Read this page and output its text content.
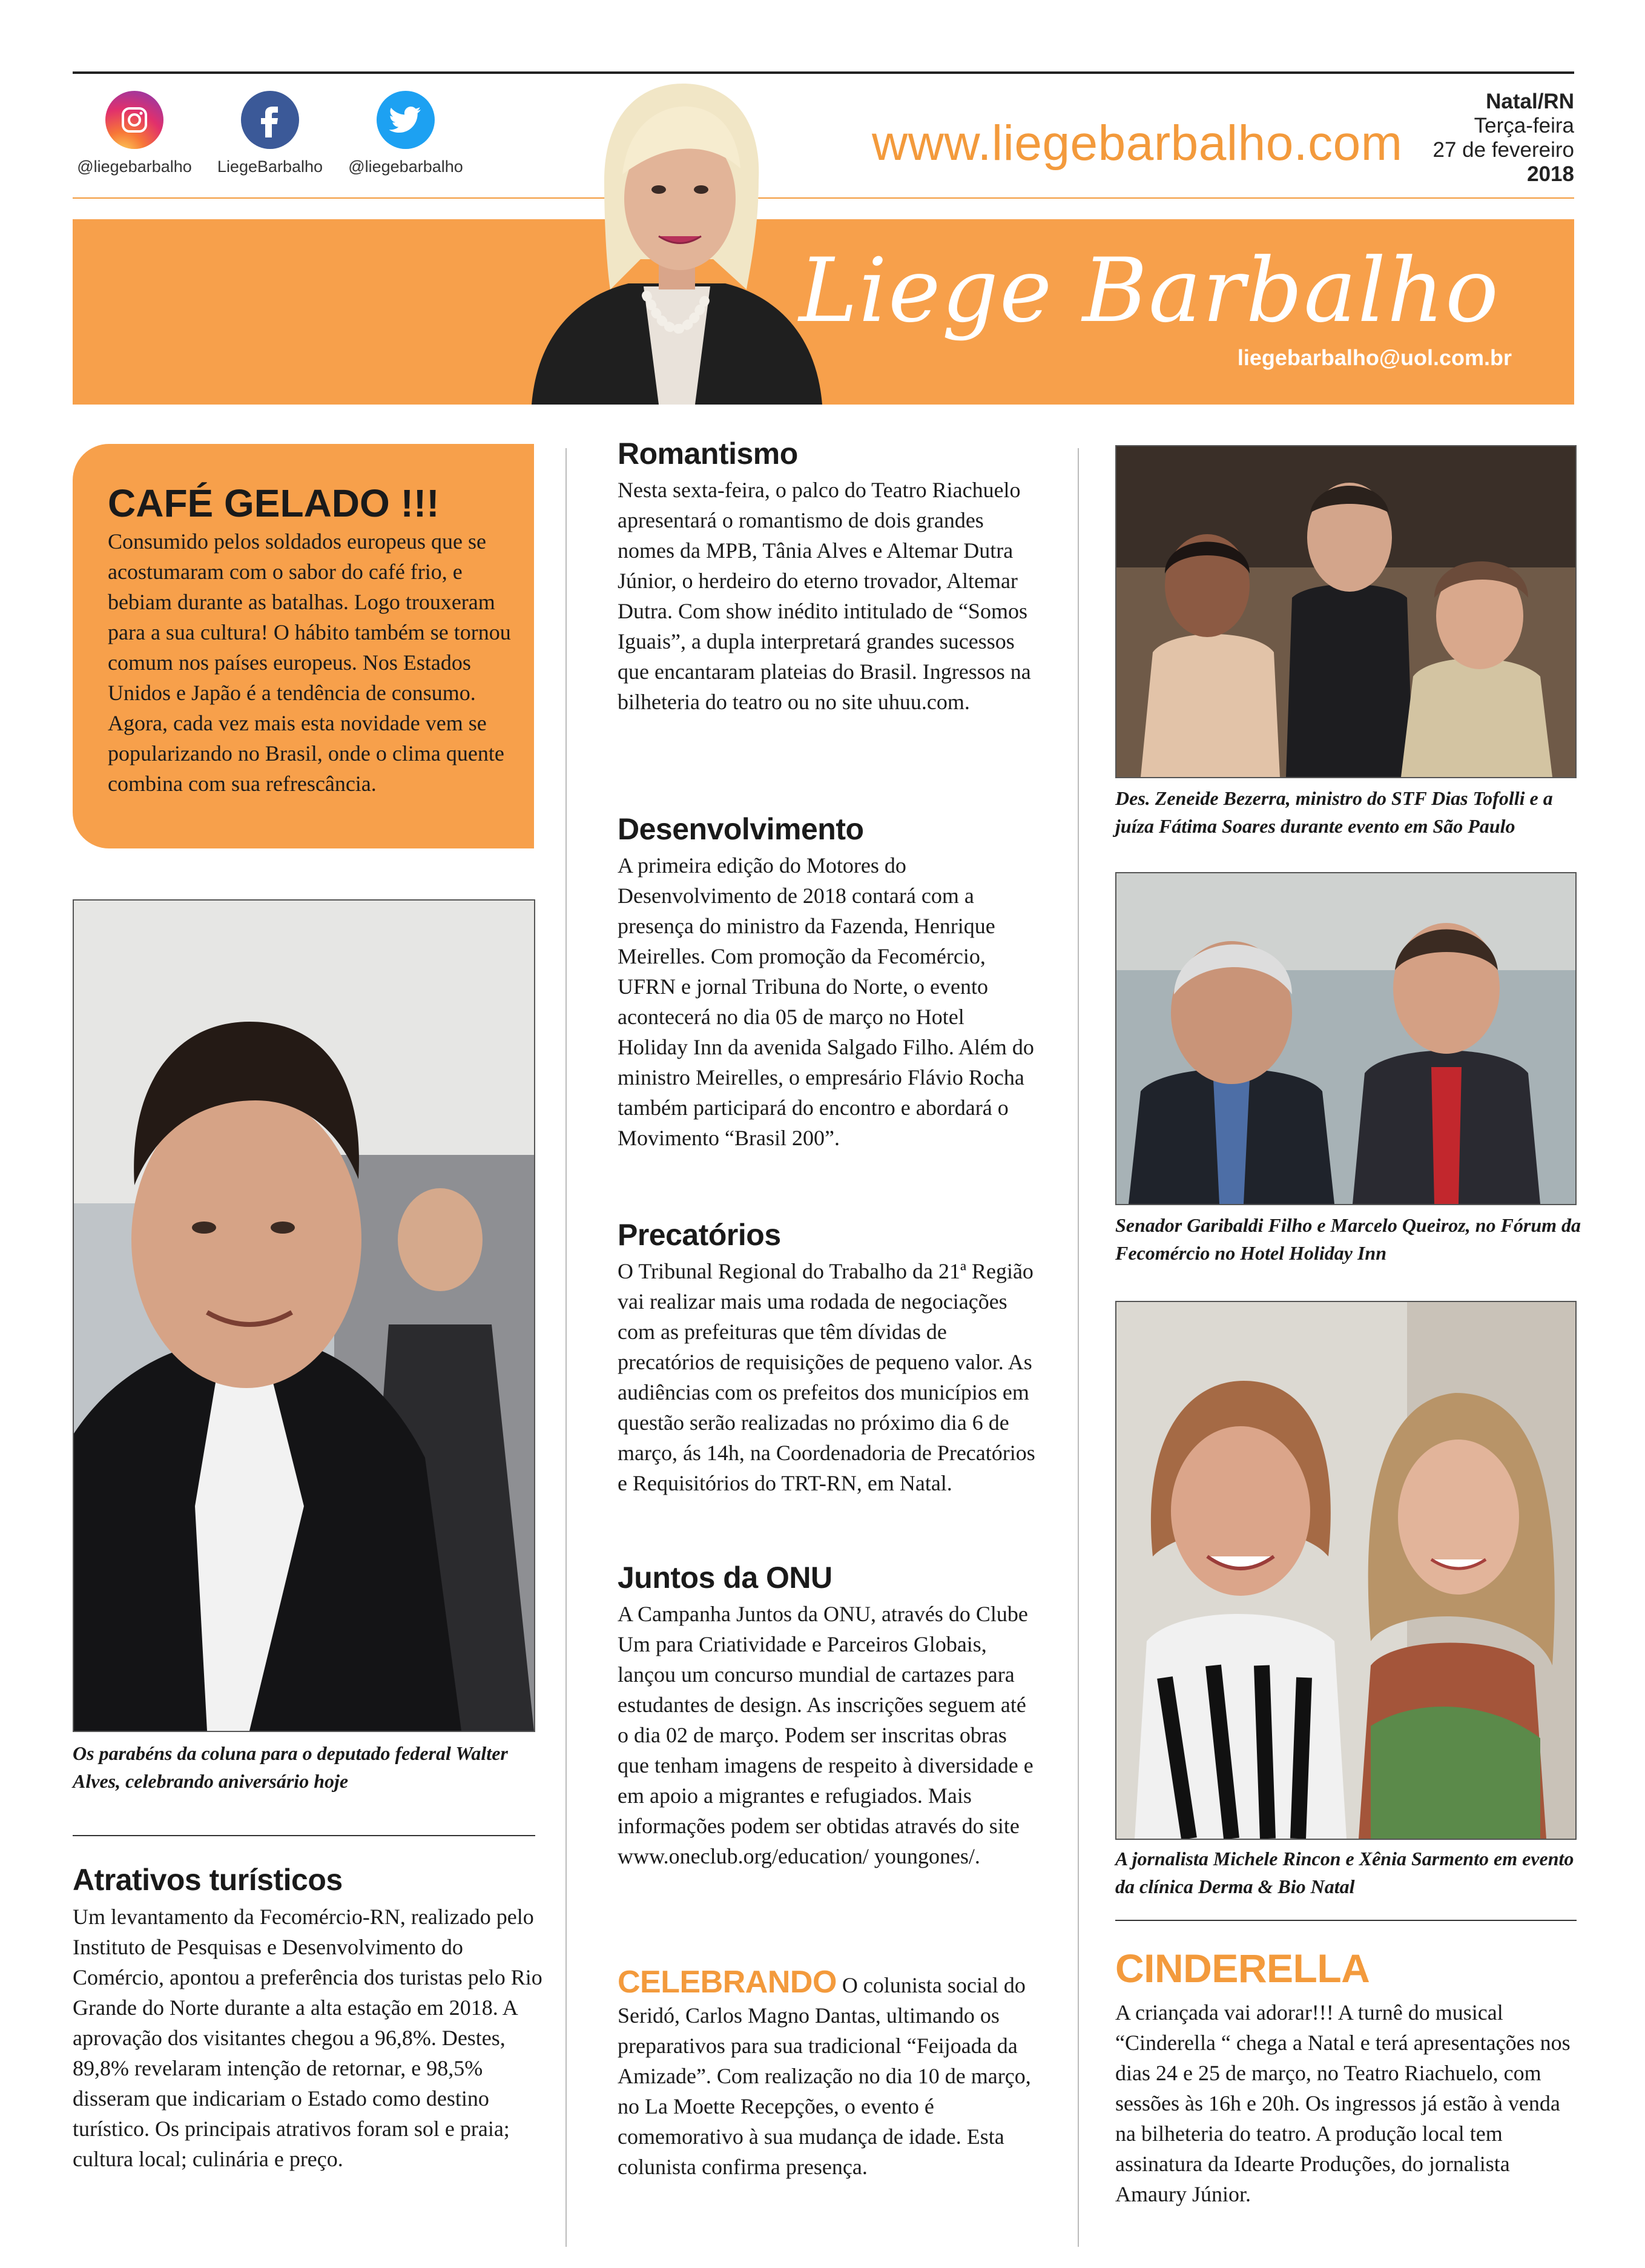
@liegebarbalho	LiegeBarbalho	@liegebarbalho	www.liegebarbalho.com
Natal/RN
Terça-feira
27 de fevereiro
2018
Liege Barbalho
liegebarbalho@uol.com.br
CAFÉ GELADO !!!
Consumido pelos soldados europeus que se acostumaram com o sabor do café frio, e bebiam durante as batalhas. Logo trouxeram para a sua cultura! O hábito também se tornou comum nos países europeus. Nos Estados Unidos e Japão é a tendência de consumo. Agora, cada vez mais esta novidade vem se popularizando no Brasil, onde o clima quente combina com sua refrescância.
Os parabéns da coluna para o deputado federal Walter Alves, celebrando aniversário hoje
Atrativos turísticos
Um levantamento da Fecomércio-RN, realizado pelo Instituto de Pesquisas e Desenvolvimento do Comércio, apontou a preferência dos turistas pelo Rio Grande do Norte durante a alta estação em 2018. A aprovação dos visitantes chegou a 96,8%. Destes, 89,8% revelaram intenção de retornar, e 98,5% disseram que indicariam o Estado como destino turístico. Os principais atrativos foram sol e praia; cultura local; culinária e preço.
Romantismo
Nesta sexta-feira, o palco do Teatro Riachuelo apresentará o romantismo de dois grandes nomes da MPB, Tânia Alves e Altemar Dutra Júnior, o herdeiro do eterno trovador, Altemar Dutra. Com show inédito intitulado de “Somos Iguais”, a dupla interpretará grandes sucessos que encantaram plateias do Brasil. Ingressos na bilheteria do teatro ou no site uhuu.com.
Desenvolvimento
A primeira edição do Motores do Desenvolvimento de 2018 contará com a presença do ministro da Fazenda, Henrique Meirelles. Com promoção da Fecomércio, UFRN e jornal Tribuna do Norte, o evento acontecerá no dia 05 de março no Hotel Holiday Inn da avenida Salgado Filho. Além do ministro Meirelles, o empresário Flávio Rocha também participará do encontro e abordará o Movimento “Brasil 200”.
Precatórios
O Tribunal Regional do Trabalho da 21ª Região vai realizar mais uma rodada de negociações com as prefeituras que têm dívidas de precatórios de requisições de pequeno valor. As audiências com os prefeitos dos municípios em questão serão realizadas no próximo dia 6 de março, ás 14h, na Coordenadoria de Precatórios e Requisitórios do TRT-RN, em Natal.
Juntos da ONU
A Campanha Juntos da ONU, através do Clube Um para Criatividade e Parceiros Globais, lançou um concurso mundial de cartazes para estudantes de design. As inscrições seguem até o dia 02 de março. Podem ser inscritas obras que tenham imagens de respeito à diversidade e em apoio a migrantes e refugiados. Mais informações podem ser obtidas através do site www.oneclub.org/education/ youngones/.
CELEBRANDO O colunista social do Seridó, Carlos Magno Dantas, ultimando os preparativos para sua tradicional “Feijoada da Amizade”. Com realização no dia 10 de março, no La Moette Recepções, o evento é comemorativo à sua mudança de idade. Esta colunista confirma presença.
Des. Zeneide Bezerra, ministro do STF Dias Tofolli e a juíza Fátima Soares durante evento em São Paulo
Senador Garibaldi Filho e Marcelo Queiroz, no Fórum da Fecomércio no Hotel Holiday Inn
A jornalista Michele Rincon e Xênia Sarmento em evento da clínica Derma & Bio Natal
CINDERELLA
A criançada vai adorar!!! A turnê do musical “Cinderella “ chega a Natal e terá apresentações nos dias 24 e 25 de março, no Teatro Riachuelo, com sessões às 16h e 20h. Os ingressos já estão à venda na bilheteria do teatro. A produção local tem assinatura da Idearte Produções, do jornalista Amaury Júnior.
